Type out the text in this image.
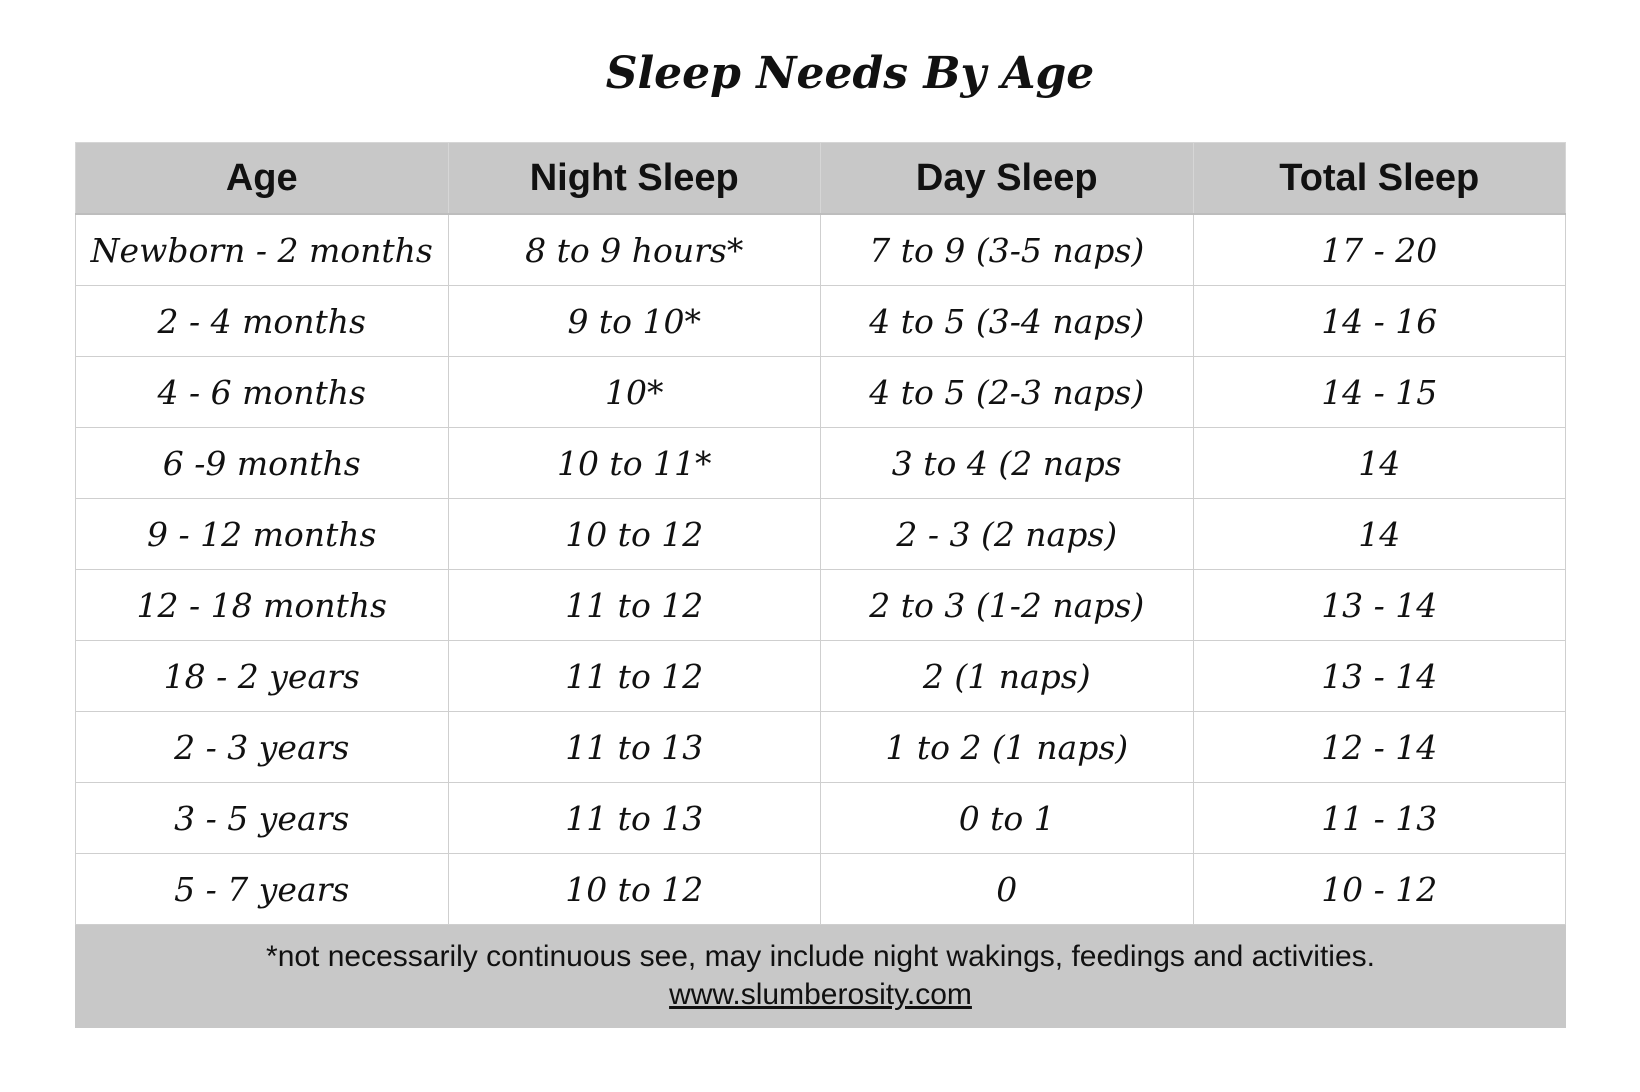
Sleep Needs By Age
Age	Night Sleep	Day Sleep	Total Sleep
Newborn - 2 months	8 to 9 hours*	7 to 9 (3-5 naps)	17 - 20
2 - 4 months	9 to 10*	4 to 5 (3-4 naps)	14 - 16
4 - 6 months	10*	4 to 5 (2-3 naps)	14 - 15
6 -9 months	10 to 11*	3 to 4 (2 naps	14
9 - 12 months	10 to 12	2 - 3 (2 naps)	14
12 - 18 months	11 to 12	2 to 3 (1-2 naps)	13 - 14
18 - 2 years	11 to 12	2 (1 naps)	13 - 14
2 - 3 years	11 to 13	1 to 2 (1 naps)	12 - 14
3 - 5 years	11 to 13	0 to 1	11 - 13
5 - 7 years	10 to 12	0	10 - 12

*not necessarily continuous see, may include night wakings, feedings and activities.
www.slumberosity.com			
